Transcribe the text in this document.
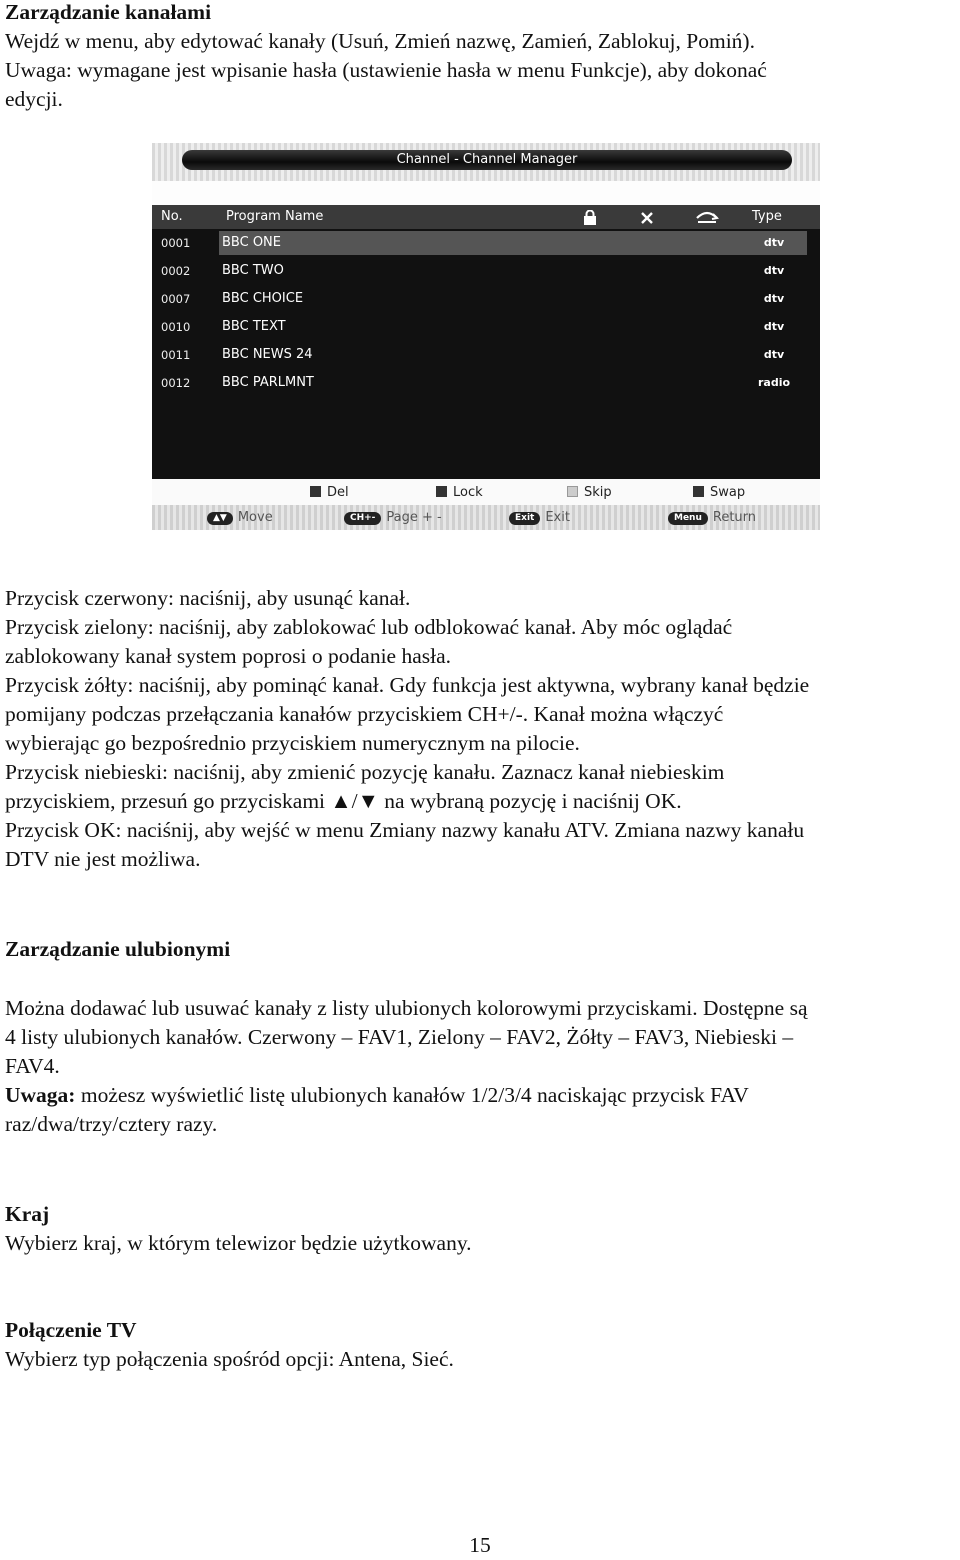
Zarządzanie kanałami
Wejdź w menu, aby edytować kanały (Usuń, Zmień nazwę, Zamień, Zablokuj, Pomiń).
Uwaga: wymagane jest wpisanie hasła (ustawienie hasła w menu Funkcje), aby dokonać
edycji.
Channel - Channel Manager
No.	Program Name	Type
0001	BBC ONE	dtv
0002	BBC TWO	dtv
0007	BBC CHOICE	dtv
0010	BBC TEXT	dtv
0011	BBC NEWS 24	dtv
0012	BBC PARLMNT	radio
Del	Lock	Skip	Swap
▲▼ Move	CH+- Page + -	Exit Exit	Menu Return
Przycisk czerwony: naciśnij, aby usunąć kanał.
Przycisk zielony: naciśnij, aby zablokować lub odblokować kanał. Aby móc oglądać
zablokowany kanał system poprosi o podanie hasła.
Przycisk żółty: naciśnij, aby pominąć kanał. Gdy funkcja jest aktywna, wybrany kanał będzie
pomijany podczas przełączania kanałów przyciskiem CH+/-. Kanał można włączyć
wybierając go bezpośrednio przyciskiem numerycznym na pilocie.
Przycisk niebieski: naciśnij, aby zmienić pozycję kanału. Zaznacz kanał niebieskim
przyciskiem, przesuń go przyciskami ▲/▼ na wybraną pozycję i naciśnij OK.
Przycisk OK: naciśnij, aby wejść w menu Zmiany nazwy kanału ATV. Zmiana nazwy kanału
DTV nie jest możliwa.
Zarządzanie ulubionymi
Można dodawać lub usuwać kanały z listy ulubionych kolorowymi przyciskami. Dostępne są
4 listy ulubionych kanałów. Czerwony – FAV1, Zielony – FAV2, Żółty – FAV3, Niebieski –
FAV4.
Uwaga: możesz wyświetlić listę ulubionych kanałów 1/2/3/4 naciskając przycisk FAV
raz/dwa/trzy/cztery razy.
Kraj
Wybierz kraj, w którym telewizor będzie użytkowany.
Połączenie TV
Wybierz typ połączenia spośród opcji: Antena, Sieć.
15
